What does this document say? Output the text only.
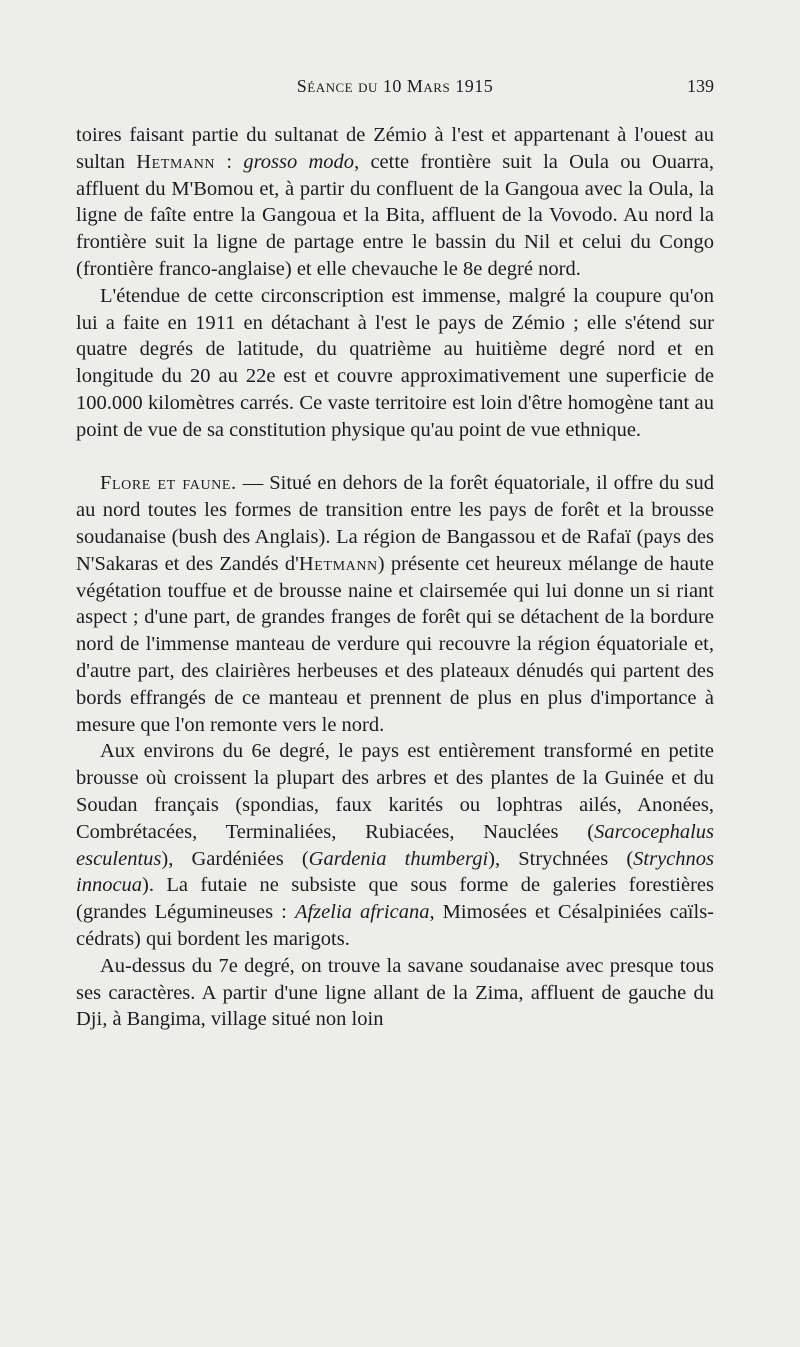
Séance du 10 Mars 1915	139

toires faisant partie du sultanat de Zémio à l'est et appartenant à l'ouest au sultan Hetmann : grosso modo, cette frontière suit la Oula ou Ouarra, affluent du M'Bomou et, à partir du confluent de la Gangoua avec la Oula, la ligne de faîte entre la Gangoua et la Bita, affluent de la Vovodo. Au nord la frontière suit la ligne de partage entre le bassin du Nil et celui du Congo (frontière franco-anglaise) et elle chevauche le 8e degré nord.

L'étendue de cette circonscription est immense, malgré la coupure qu'on lui a faite en 1911 en détachant à l'est le pays de Zémio ; elle s'étend sur quatre degrés de latitude, du quatrième au huitième degré nord et en longitude du 20 au 22e est et couvre approximativement une superficie de 100.000 kilomètres carrés. Ce vaste territoire est loin d'être homogène tant au point de vue de sa constitution physique qu'au point de vue ethnique.

Flore et faune. — Situé en dehors de la forêt équatoriale, il offre du sud au nord toutes les formes de transition entre les pays de forêt et la brousse soudanaise (bush des Anglais). La région de Bangassou et de Rafaï (pays des N'Sakaras et des Zandés d'Hetmann) présente cet heureux mélange de haute végétation touffue et de brousse naine et clairsemée qui lui donne un si riant aspect ; d'une part, de grandes franges de forêt qui se détachent de la bordure nord de l'immense manteau de verdure qui recouvre la région équatoriale et, d'autre part, des clairières herbeuses et des plateaux dénudés qui partent des bords effrangés de ce manteau et prennent de plus en plus d'importance à mesure que l'on remonte vers le nord.

Aux environs du 6e degré, le pays est entièrement transformé en petite brousse où croissent la plupart des arbres et des plantes de la Guinée et du Soudan français (spondias, faux karités ou lophtras ailés, Anonées, Combrétacées, Terminaliées, Rubiacées, Nauclées (Sarcocephalus esculentus), Gardéniées (Gardenia thumbergi), Strychnées (Strychnos innocua). La futaie ne subsiste que sous forme de galeries forestières (grandes Légumineuses : Afzelia africana, Mimosées et Césalpiniées caïls-cédrats) qui bordent les marigots.

Au-dessus du 7e degré, on trouve la savane soudanaise avec presque tous ses caractères. A partir d'une ligne allant de la Zima, affluent de gauche du Dji, à Bangima, village situé non loin
